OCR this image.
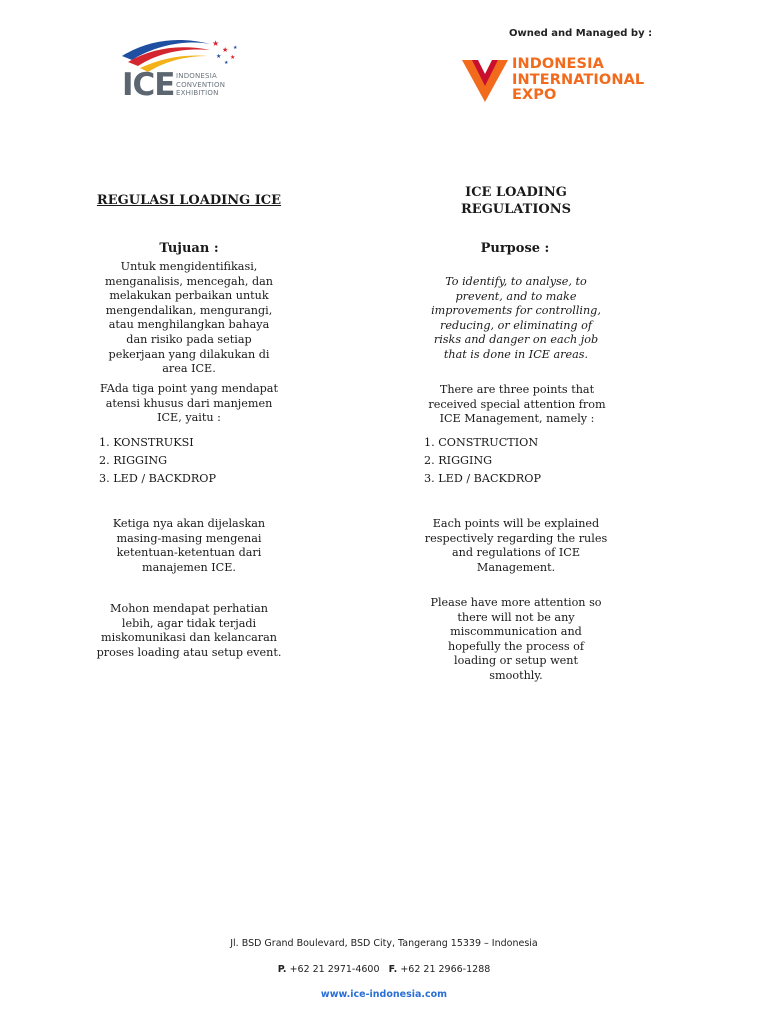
★
★
★
★
★
★
ICE INDONESIA
CONVENTION
EXHIBITION
Owned and Managed by :
INDONESIA
INTERNATIONAL
EXPO
REGULASI LOADING ICE
Tujuan :
Untuk mengidentifikasi, menganalisis, mencegah, dan melakukan perbaikan untuk mengendalikan, mengurangi, atau menghilangkan bahaya dan risiko pada setiap pekerjaan yang dilakukan di area ICE.
FAda tiga point yang mendapat atensi khusus dari manjemen ICE, yaitu :
1. KONSTRUKSI
2. RIGGING
3. LED / BACKDROP
Ketiga nya akan dijelaskan masing-masing mengenai ketentuan-ketentuan dari manajemen ICE.
Mohon mendapat perhatian lebih, agar tidak terjadi miskomunikasi dan kelancaran proses loading atau setup event.
ICE LOADING REGULATIONS
Purpose :
To identify, to analyse, to prevent, and to make improvements for controlling, reducing, or eliminating of risks and danger on each job that is done in ICE areas.
There are three points that received special attention from ICE Management, namely :
1. CONSTRUCTION
2. RIGGING
3. LED / BACKDROP
Each points will be explained respectively regarding the rules and regulations of ICE Management.
Please have more attention so there will not be any miscommunication and hopefully the process of loading or setup went smoothly.
Jl. BSD Grand Boulevard, BSD City, Tangerang 15339 – Indonesia
P. +62 21 2971-4600 F. +62 21 2966-1288
www.ice-indonesia.com
